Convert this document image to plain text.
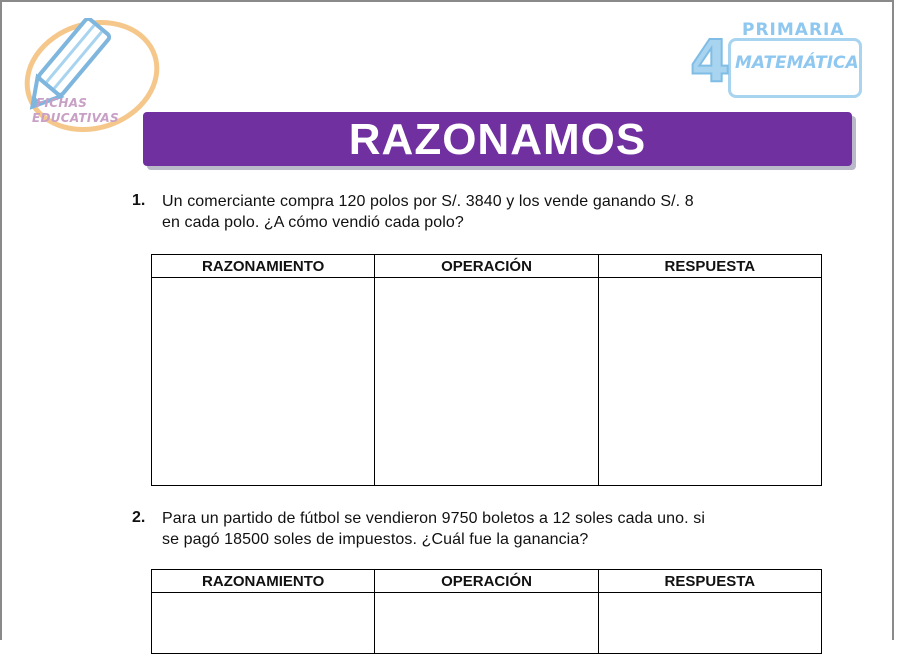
FICHAS
EDUCATIVAS
PRIMARIA
4 MATEMÁTICA
RAZONAMOS
1. Un comerciante compra 120 polos por S/. 3840 y los vende ganando S/. 8
en cada polo. ¿A cómo vendió cada polo?
RAZONAMIENTO	OPERACIÓN	RESPUESTA

2. Para un partido de fútbol se vendieron 9750 boletos a 12 soles cada uno. si
se pagó 18500 soles de impuestos. ¿Cuál fue la ganancia?
RAZONAMIENTO	OPERACIÓN	RESPUESTA
